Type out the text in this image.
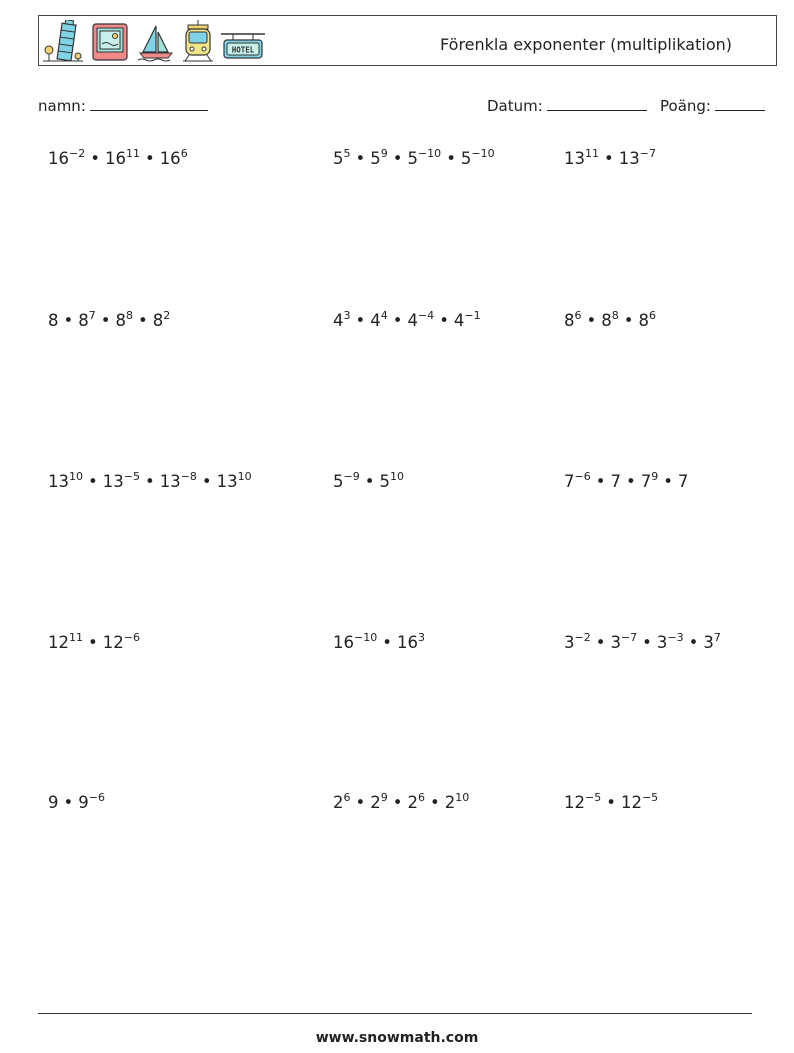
HOTEL	Förenkla exponenter (multiplikation)
namn:	Datum:	Poäng:
$16^{-2}$ • $16^{11}$ • $16^6$	$5^5$ • $5^9$ • $5^{-10}$ • $5^{-10}$	$13^{11}$ • $13^{-7}$
8 • $8^7$ • $8^8$ • $8^2$	$4^3$ • $4^4$ • $4^{-4}$ • $4^{-1}$	$8^6$ • $8^8$ • $8^6$
$13^{10}$ • $13^{-5}$ • $13^{-8}$ • $13^{10}$	$5^{-9}$ • $5^{10}$	$7^{-6}$ • 7 • $7^9$ • 7
$12^{11}$ • $12^{-6}$	$16^{-10}$ • $16^3$	$3^{-2}$ • $3^{-7}$ • $3^{-3}$ • $3^7$
9 • $9^{-6}$	$2^6$ • $2^9$ • $2^6$ • $2^{10}$	$12^{-5}$ • $12^{-5}$
www.snowmath.com
